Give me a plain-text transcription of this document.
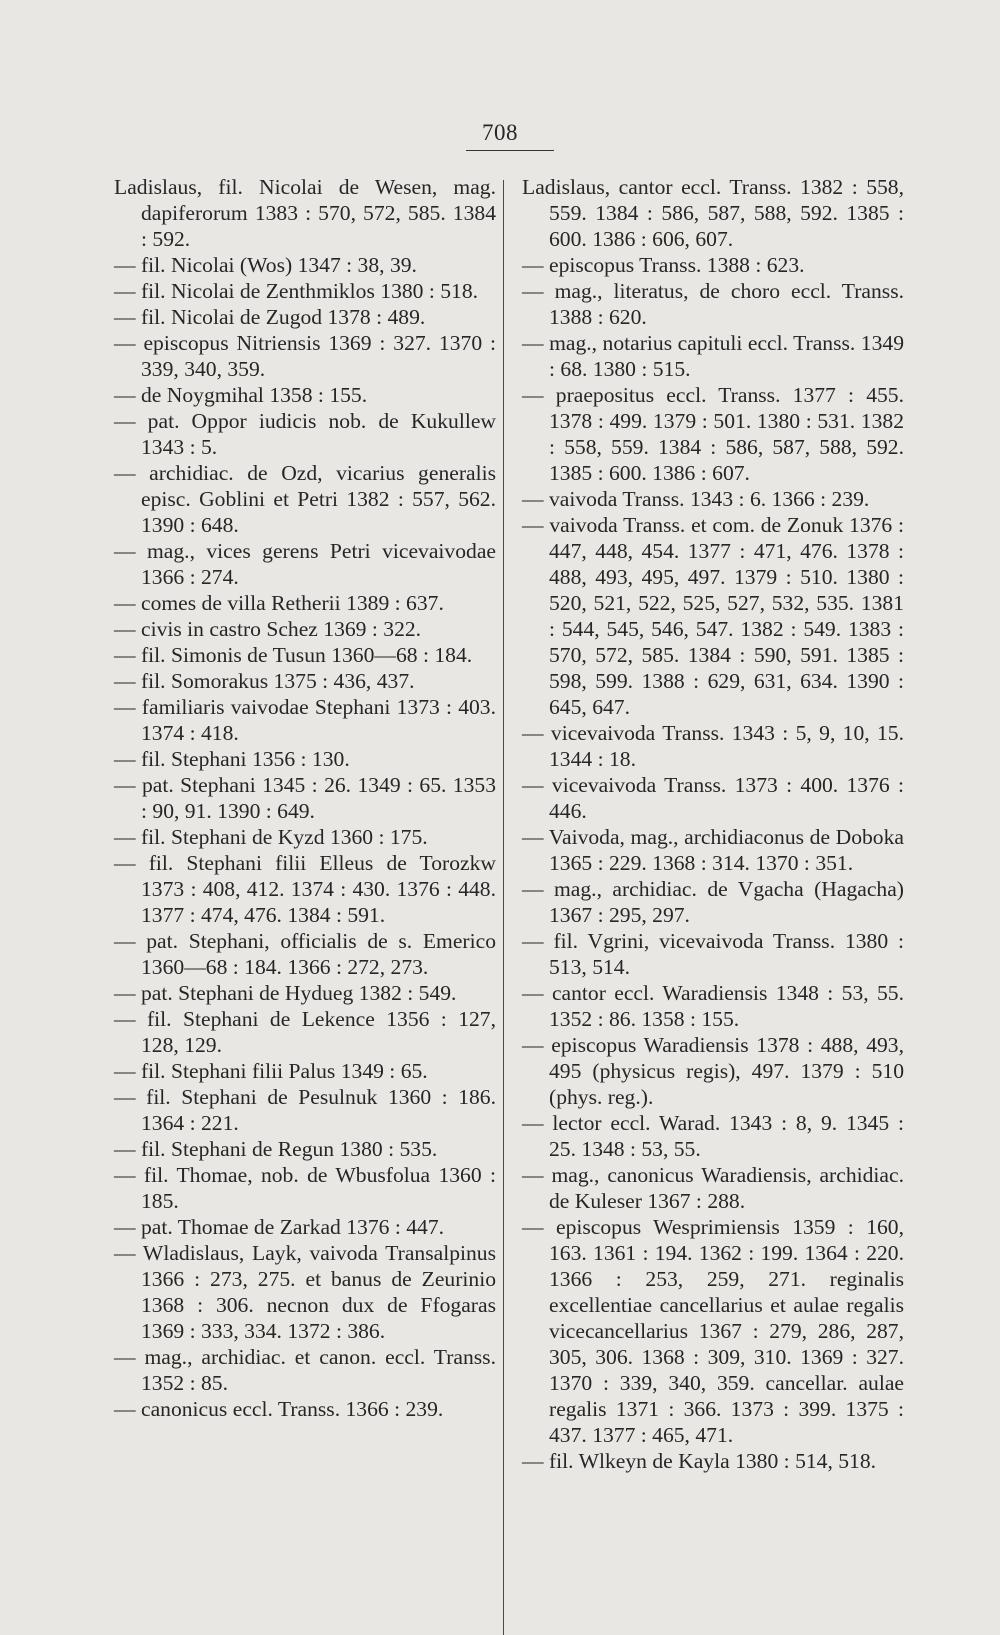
708
Ladislaus, fil. Nicolai de Wesen, mag. dapiferorum 1383 : 570, 572, 585. 1384 : 592.
— fil. Nicolai (Wos) 1347 : 38, 39.
— fil. Nicolai de Zenthmiklos 1380 : 518.
— fil. Nicolai de Zugod 1378 : 489.
— episcopus Nitriensis 1369 : 327. 1370 : 339, 340, 359.
— de Noygmihal 1358 : 155.
— pat. Oppor iudicis nob. de Kukullew 1343 : 5.
— archidiac. de Ozd, vicarius generalis episc. Goblini et Petri 1382 : 557, 562. 1390 : 648.
— mag., vices gerens Petri vicevaivodae 1366 : 274.
— comes de villa Retherii 1389 : 637.
— civis in castro Schez 1369 : 322.
— fil. Simonis de Tusun 1360—68 : 184.
— fil. Somorakus 1375 : 436, 437.
— familiaris vaivodae Stephani 1373 : 403. 1374 : 418.
— fil. Stephani 1356 : 130.
— pat. Stephani 1345 : 26. 1349 : 65. 1353 : 90, 91. 1390 : 649.
— fil. Stephani de Kyzd 1360 : 175.
— fil. Stephani filii Elleus de Torozkw 1373 : 408, 412. 1374 : 430. 1376 : 448. 1377 : 474, 476. 1384 : 591.
— pat. Stephani, officialis de s. Emerico 1360—68 : 184. 1366 : 272, 273.
— pat. Stephani de Hydueg 1382 : 549.
— fil. Stephani de Lekence 1356 : 127, 128, 129.
— fil. Stephani filii Palus 1349 : 65.
— fil. Stephani de Pesulnuk 1360 : 186. 1364 : 221.
— fil. Stephani de Regun 1380 : 535.
— fil. Thomae, nob. de Wbusfolua 1360 : 185.
— pat. Thomae de Zarkad 1376 : 447.
— Wladislaus, Layk, vaivoda Transalpinus 1366 : 273, 275. et banus de Zeurinio 1368 : 306. necnon dux de Ffogaras 1369 : 333, 334. 1372 : 386.
— mag., archidiac. et canon. eccl. Transs. 1352 : 85.
— canonicus eccl. Transs. 1366 : 239.
Ladislaus, cantor eccl. Transs. 1382 : 558, 559. 1384 : 586, 587, 588, 592. 1385 : 600. 1386 : 606, 607.
— episcopus Transs. 1388 : 623.
— mag., literatus, de choro eccl. Transs. 1388 : 620.
— mag., notarius capituli eccl. Transs. 1349 : 68. 1380 : 515.
— praepositus eccl. Transs. 1377 : 455. 1378 : 499. 1379 : 501. 1380 : 531. 1382 : 558, 559. 1384 : 586, 587, 588, 592. 1385 : 600. 1386 : 607.
— vaivoda Transs. 1343 : 6. 1366 : 239.
— vaivoda Transs. et com. de Zonuk 1376 : 447, 448, 454. 1377 : 471, 476. 1378 : 488, 493, 495, 497. 1379 : 510. 1380 : 520, 521, 522, 525, 527, 532, 535. 1381 : 544, 545, 546, 547. 1382 : 549. 1383 : 570, 572, 585. 1384 : 590, 591. 1385 : 598, 599. 1388 : 629, 631, 634. 1390 : 645, 647.
— vicevaivoda Transs. 1343 : 5, 9, 10, 15. 1344 : 18.
— vicevaivoda Transs. 1373 : 400. 1376 : 446.
— Vaivoda, mag., archidiaconus de Doboka 1365 : 229. 1368 : 314. 1370 : 351.
— mag., archidiac. de Vgacha (Hagacha) 1367 : 295, 297.
— fil. Vgrini, vicevaivoda Transs. 1380 : 513, 514.
— cantor eccl. Waradiensis 1348 : 53, 55. 1352 : 86. 1358 : 155.
— episcopus Waradiensis 1378 : 488, 493, 495 (physicus regis), 497. 1379 : 510 (phys. reg.).
— lector eccl. Warad. 1343 : 8, 9. 1345 : 25. 1348 : 53, 55.
— mag., canonicus Waradiensis, archidiac. de Kuleser 1367 : 288.
— episcopus Wesprimiensis 1359 : 160, 163. 1361 : 194. 1362 : 199. 1364 : 220. 1366 : 253, 259, 271. reginalis excellentiae cancellarius et aulae regalis vicecancellarius 1367 : 279, 286, 287, 305, 306. 1368 : 309, 310. 1369 : 327. 1370 : 339, 340, 359. cancellar. aulae regalis 1371 : 366. 1373 : 399. 1375 : 437. 1377 : 465, 471.
— fil. Wlkeyn de Kayla 1380 : 514, 518.
